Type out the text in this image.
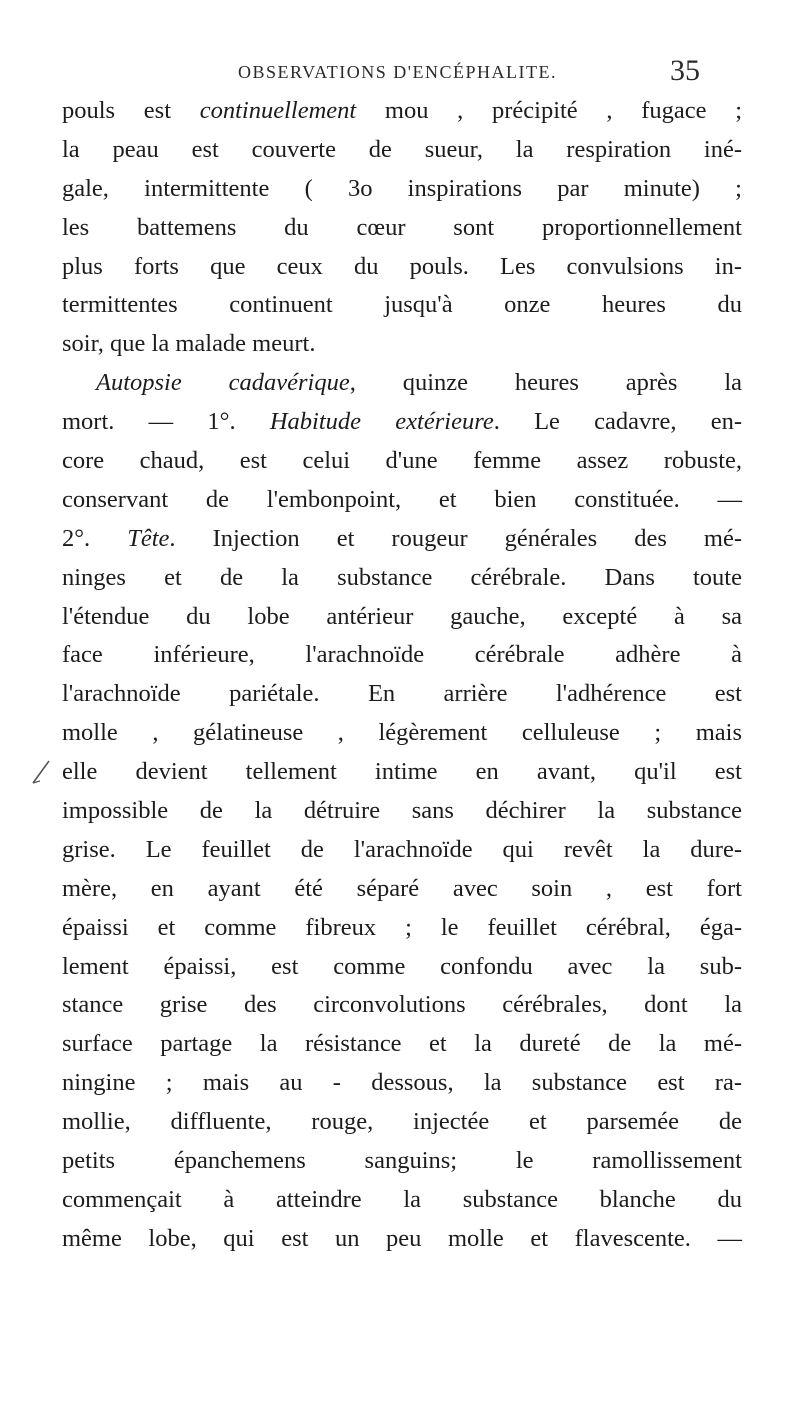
OBSERVATIONS D'ENCÉPHALITE.	35
pouls est continuellement mou , précipité , fugace ;
la peau est couverte de sueur, la respiration iné-
gale, intermittente ( 3o inspirations par minute) ;
les battemens du cœur sont proportionnellement
plus forts que ceux du pouls. Les convulsions in-
termittentes continuent jusqu'à onze heures du
soir, que la malade meurt.
Autopsie cadavérique, quinze heures après la
mort. — 1°. Habitude extérieure. Le cadavre, en-
core chaud, est celui d'une femme assez robuste,
conservant de l'embonpoint, et bien constituée. —
2°. Tête. Injection et rougeur générales des mé-
ninges et de la substance cérébrale. Dans toute
l'étendue du lobe antérieur gauche, excepté à sa
face inférieure, l'arachnoïde cérébrale adhère à
l'arachnoïde pariétale. En arrière l'adhérence est
molle , gélatineuse , légèrement celluleuse ; mais
elle devient tellement intime en avant, qu'il est
impossible de la détruire sans déchirer la substance
grise. Le feuillet de l'arachnoïde qui revêt la dure-
mère, en ayant été séparé avec soin , est fort
épaissi et comme fibreux ; le feuillet cérébral, éga-
lement épaissi, est comme confondu avec la sub-
stance grise des circonvolutions cérébrales, dont la
surface partage la résistance et la dureté de la mé-
ningine ; mais au - dessous, la substance est ra-
mollie, diffluente, rouge, injectée et parsemée de
petits épanchemens sanguins; le ramollissement
commençait à atteindre la substance blanche du
même lobe, qui est un peu molle et flavescente. —
